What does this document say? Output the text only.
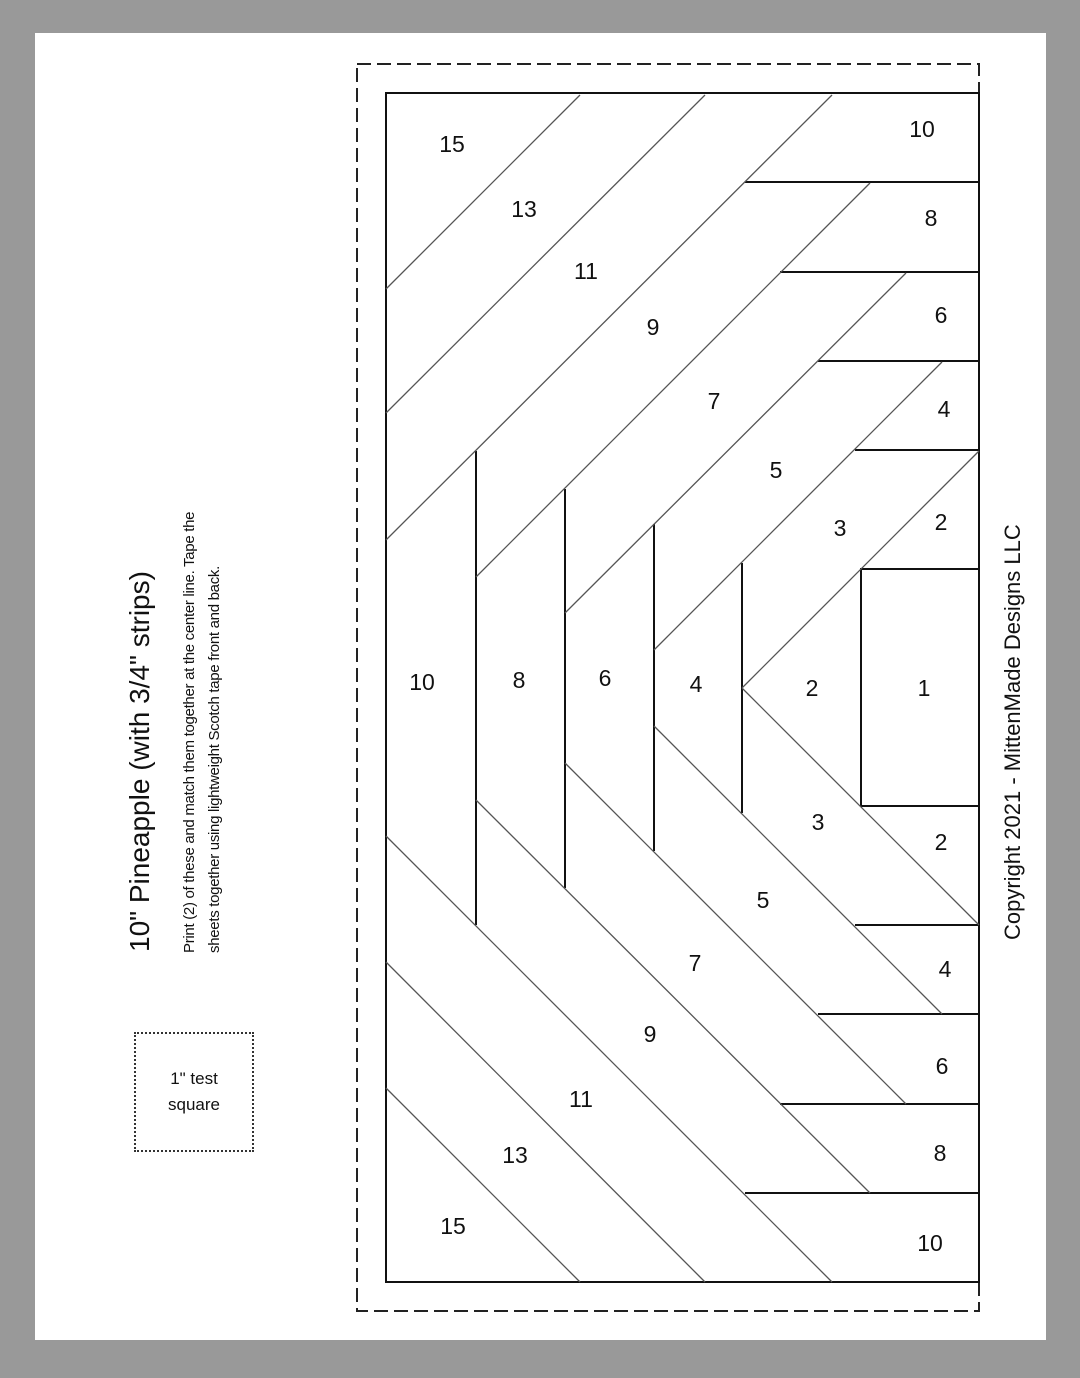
1
10
8
6
4
2
2
4
6
8
10
15
13
11
9
7
5
3
3
5
7
9
11
13
15
10	8	6	4	2
10" Pineapple (with 3/4" strips) Print (2) of these and match them together at the center line. Tape the sheets together using lightweight Scotch tape front and back.
1" test
square
Copyright 2021 - MittenMade Designs LLC
